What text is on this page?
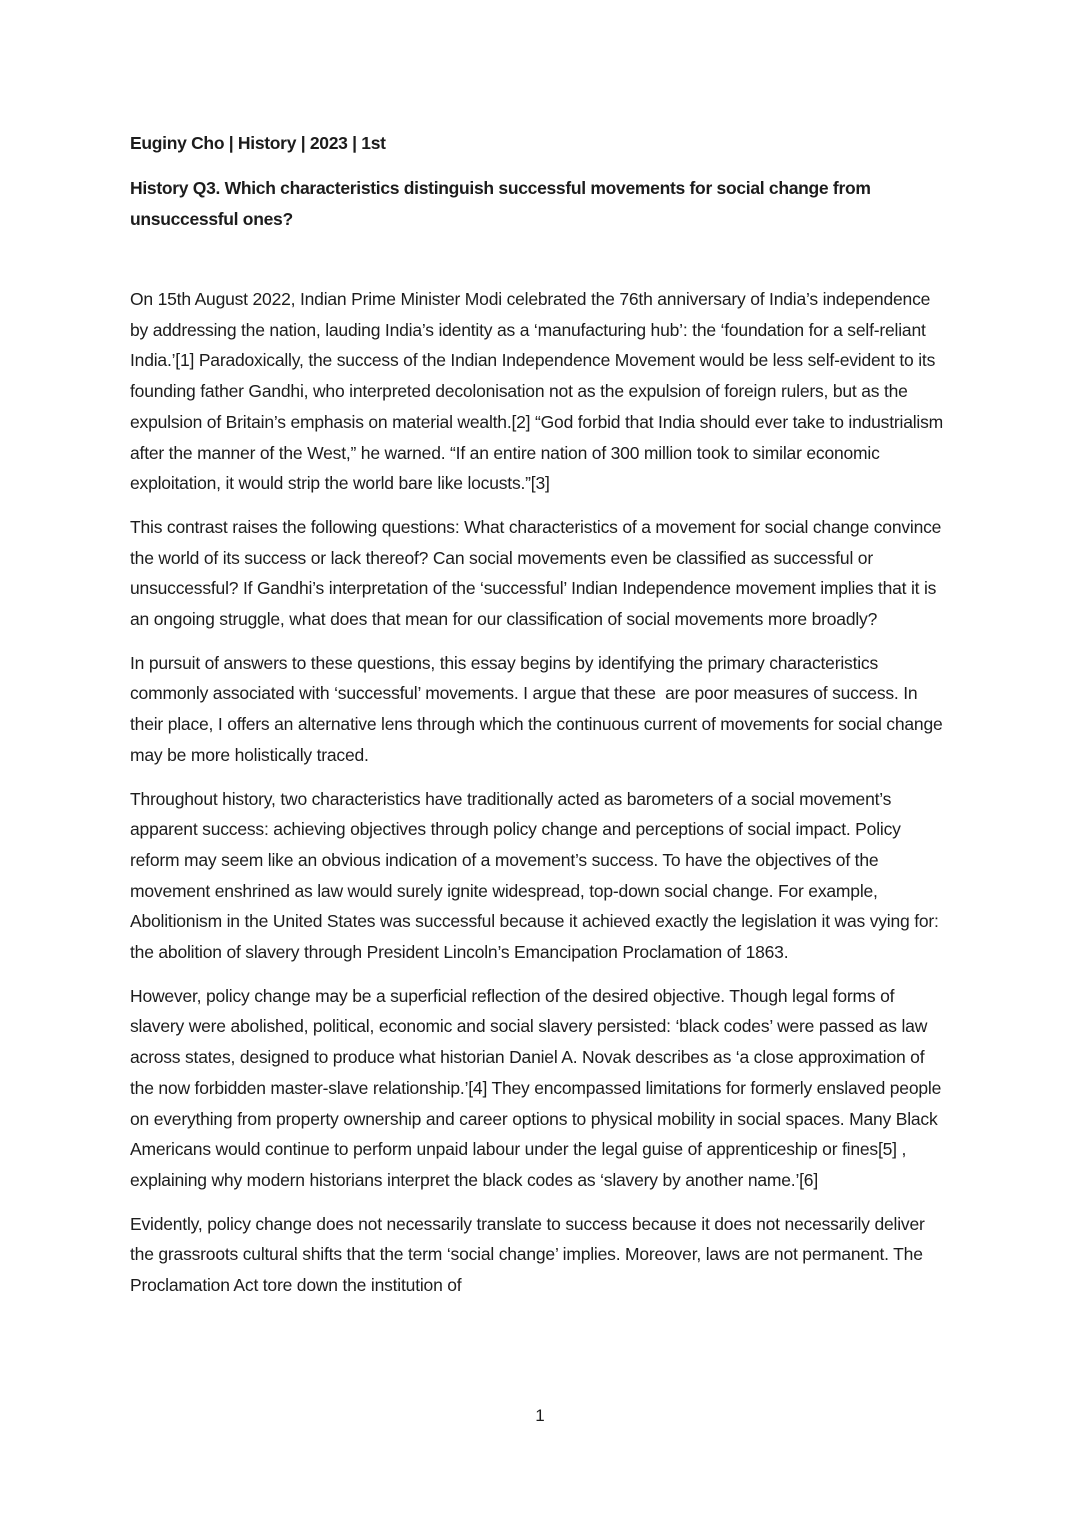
Euginy Cho | History | 2023 | 1st
History Q3. Which characteristics distinguish successful movements for social change from unsuccessful ones?

On 15th August 2022, Indian Prime Minister Modi celebrated the 76th anniversary of India’s independence by addressing the nation, lauding India’s identity as a ‘manufacturing hub’: the ‘foundation for a self-reliant India.’[1] Paradoxically, the success of the Indian Independence Movement would be less self-evident to its founding father Gandhi, who interpreted decolonisation not as the expulsion of foreign rulers, but as the expulsion of Britain’s emphasis on material wealth.[2] “God forbid that India should ever take to industrialism after the manner of the West,” he warned. “If an entire nation of 300 million took to similar economic exploitation, it would strip the world bare like locusts.”[3]

This contrast raises the following questions: What characteristics of a movement for social change convince the world of its success or lack thereof? Can social movements even be classified as successful or unsuccessful? If Gandhi’s interpretation of the ‘successful’ Indian Independence movement implies that it is an ongoing struggle, what does that mean for our classification of social movements more broadly?

In pursuit of answers to these questions, this essay begins by identifying the primary characteristics commonly associated with ‘successful’ movements. I argue that these  are poor measures of success. In their place, I offers an alternative lens through which the continuous current of movements for social change may be more holistically traced.

Throughout history, two characteristics have traditionally acted as barometers of a social movement’s apparent success: achieving objectives through policy change and perceptions of social impact. Policy reform may seem like an obvious indication of a movement’s success. To have the objectives of the movement enshrined as law would surely ignite widespread, top-down social change. For example, Abolitionism in the United States was successful because it achieved exactly the legislation it was vying for: the abolition of slavery through President Lincoln’s Emancipation Proclamation of 1863.

However, policy change may be a superficial reflection of the desired objective. Though legal forms of slavery were abolished, political, economic and social slavery persisted: ‘black codes’ were passed as law across states, designed to produce what historian Daniel A. Novak describes as ‘a close approximation of the now forbidden master-slave relationship.’[4] They encompassed limitations for formerly enslaved people on everything from property ownership and career options to physical mobility in social spaces. Many Black Americans would continue to perform unpaid labour under the legal guise of apprenticeship or fines[5] , explaining why modern historians interpret the black codes as ‘slavery by another name.’[6]

Evidently, policy change does not necessarily translate to success because it does not necessarily deliver the grassroots cultural shifts that the term ‘social change’ implies. Moreover, laws are not permanent. The Proclamation Act tore down the institution of

1
